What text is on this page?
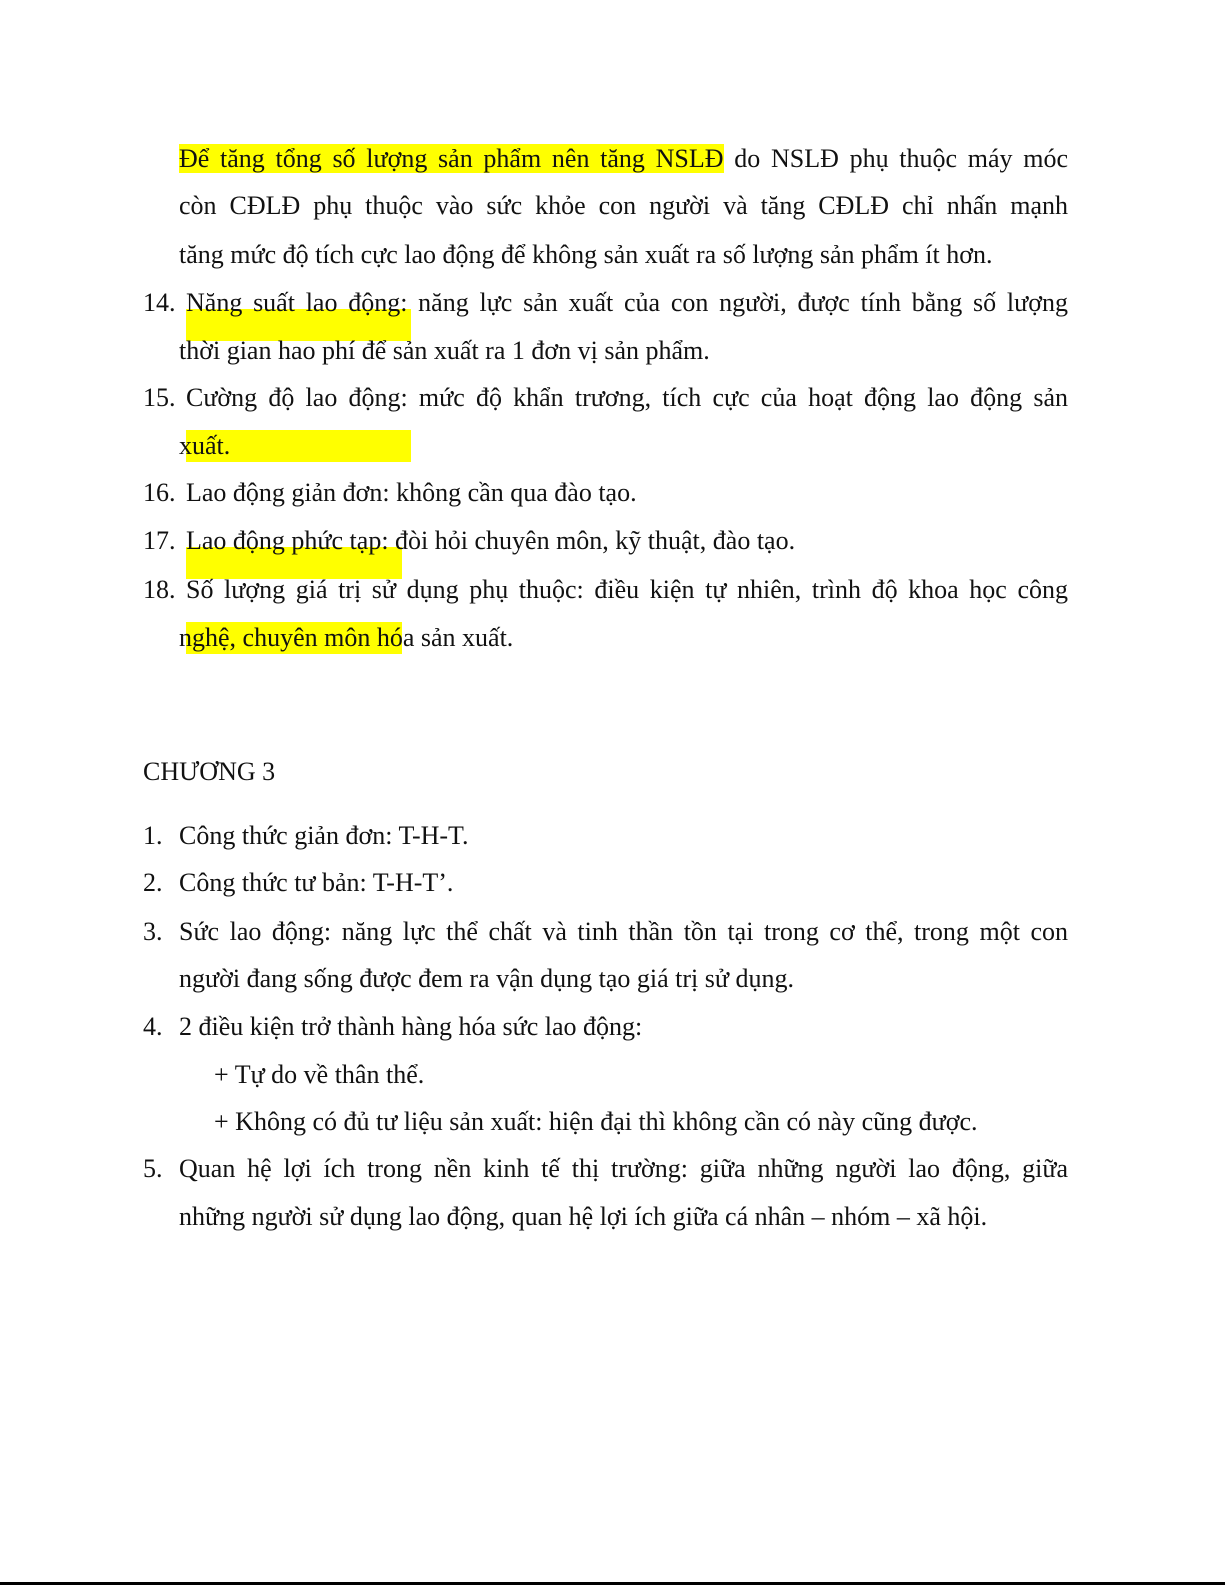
Để tăng tổng số lượng sản phẩm nên tăng NSLĐ do NSLĐ phụ thuộc máy móc
còn CĐLĐ phụ thuộc vào sức khỏe con người và tăng CĐLĐ chỉ nhấn mạnh
tăng mức độ tích cực lao động để không sản xuất ra số lượng sản phẩm ít hơn.
14. Năng suất lao động: năng lực sản xuất của con người, được tính bằng số lượng
thời gian hao phí để sản xuất ra 1 đơn vị sản phẩm.
15. Cường độ lao động: mức độ khẩn trương, tích cực của hoạt động lao động sản
xuất.
16. Lao động giản đơn: không cần qua đào tạo.
17. Lao động phức tạp: đòi hỏi chuyên môn, kỹ thuật, đào tạo.
18. Số lượng giá trị sử dụng phụ thuộc: điều kiện tự nhiên, trình độ khoa học công
nghệ, chuyên môn hóa sản xuất.
CHƯƠNG 3
1. Công thức giản đơn: T-H-T.
2. Công thức tư bản: T-H-T’.
3. Sức lao động: năng lực thể chất và tinh thần tồn tại trong cơ thể, trong một con
người đang sống được đem ra vận dụng tạo giá trị sử dụng.
4. 2 điều kiện trở thành hàng hóa sức lao động:
+ Tự do về thân thể.
+ Không có đủ tư liệu sản xuất: hiện đại thì không cần có này cũng được.
5. Quan hệ lợi ích trong nền kinh tế thị trường: giữa những người lao động, giữa
những người sử dụng lao động, quan hệ lợi ích giữa cá nhân – nhóm – xã hội.
